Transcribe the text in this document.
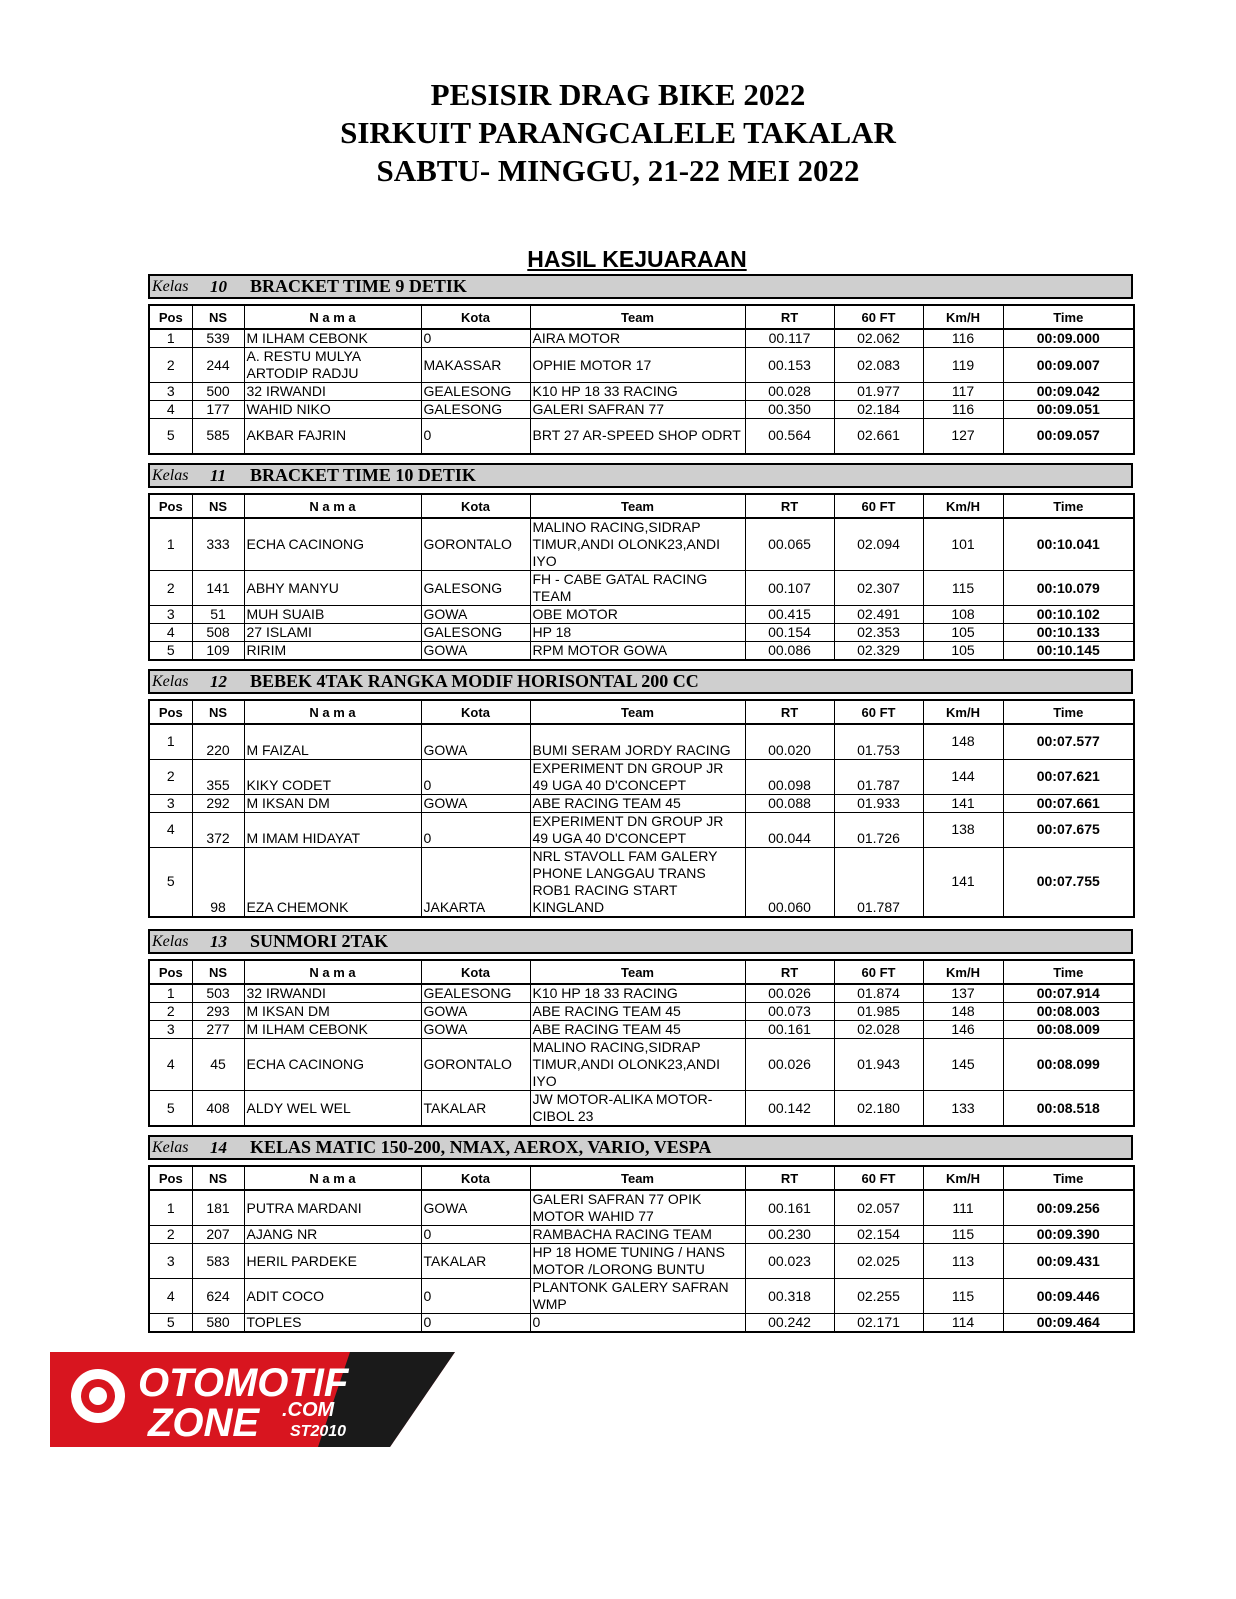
PESISIR DRAG BIKE 2022
SIRKUIT PARANGCALELE TAKALAR
SABTU- MINGGU, 21-22 MEI 2022
HASIL KEJUARAAN
Kelas	10	BRACKET TIME 9 DETIK
Pos	NS	N a m a	Kota	Team	RT	60 FT	Km/H	Time
1	539	M ILHAM CEBONK	0	AIRA MOTOR	00.117	02.062	116	00:09.000
2	244	A. RESTU MULYA ARTODIP RADJU	MAKASSAR	OPHIE MOTOR 17	00.153	02.083	119	00:09.007
3	500	32 IRWANDI	GEALESONG	K10 HP 18 33 RACING	00.028	01.977	117	00:09.042
4	177	WAHID NIKO	GALESONG	GALERI SAFRAN 77	00.350	02.184	116	00:09.051
5	585	AKBAR FAJRIN	0	BRT 27 AR-SPEED SHOP ODRT	00.564	02.661	127	00:09.057
Kelas	11	BRACKET TIME 10 DETIK
Pos	NS	N a m a	Kota	Team	RT	60 FT	Km/H	Time
1	333	ECHA CACINONG	GORONTALO	MALINO RACING,SIDRAP TIMUR,ANDI OLONK23,ANDI IYO	00.065	02.094	101	00:10.041
2	141	ABHY MANYU	GALESONG	FH - CABE GATAL RACING TEAM	00.107	02.307	115	00:10.079
3	51	MUH SUAIB	GOWA	OBE MOTOR	00.415	02.491	108	00:10.102
4	508	27 ISLAMI	GALESONG	HP 18	00.154	02.353	105	00:10.133
5	109	RIRIM	GOWA	RPM MOTOR GOWA	00.086	02.329	105	00:10.145
Kelas	12	BEBEK 4TAK RANGKA MODIF HORISONTAL 200 CC
Pos	NS	N a m a	Kota	Team	RT	60 FT	Km/H	Time
1	220	M FAIZAL	GOWA	BUMI SERAM JORDY RACING	00.020	01.753	148	00:07.577
2	355	KIKY CODET	0	EXPERIMENT DN GROUP JR 49 UGA 40 D'CONCEPT	00.098	01.787	144	00:07.621
3	292	M IKSAN DM	GOWA	ABE RACING TEAM 45	00.088	01.933	141	00:07.661
4	372	M IMAM HIDAYAT	0	EXPERIMENT DN GROUP JR 49 UGA 40 D'CONCEPT	00.044	01.726	138	00:07.675
5	98	EZA CHEMONK	JAKARTA	NRL STAVOLL FAM GALERY PHONE LANGGAU TRANS ROB1 RACING START KINGLAND	00.060	01.787	141	00:07.755
Kelas	13	SUNMORI 2TAK
Pos	NS	N a m a	Kota	Team	RT	60 FT	Km/H	Time
1	503	32 IRWANDI	GEALESONG	K10 HP 18 33 RACING	00.026	01.874	137	00:07.914
2	293	M IKSAN DM	GOWA	ABE RACING TEAM 45	00.073	01.985	148	00:08.003
3	277	M ILHAM CEBONK	GOWA	ABE RACING TEAM 45	00.161	02.028	146	00:08.009
4	45	ECHA CACINONG	GORONTALO	MALINO RACING,SIDRAP TIMUR,ANDI OLONK23,ANDI IYO	00.026	01.943	145	00:08.099
5	408	ALDY WEL WEL	TAKALAR	JW MOTOR-ALIKA MOTOR-CIBOL 23	00.142	02.180	133	00:08.518
Kelas	14	KELAS MATIC 150-200, NMAX, AEROX, VARIO, VESPA
Pos	NS	N a m a	Kota	Team	RT	60 FT	Km/H	Time
1	181	PUTRA MARDANI	GOWA	GALERI SAFRAN 77 OPIK MOTOR WAHID 77	00.161	02.057	111	00:09.256
2	207	AJANG NR	0	RAMBACHA RACING TEAM	00.230	02.154	115	00:09.390
3	583	HERIL PARDEKE	TAKALAR	HP 18 HOME TUNING / HANS MOTOR /LORONG BUNTU	00.023	02.025	113	00:09.431
4	624	ADIT COCO	0	PLANTONK GALERY SAFRAN WMP	00.318	02.255	115	00:09.446
5	580	TOPLES	0	0	00.242	02.171	114	00:09.464
OTOMOTIF
ZONE .COM
ST2010
